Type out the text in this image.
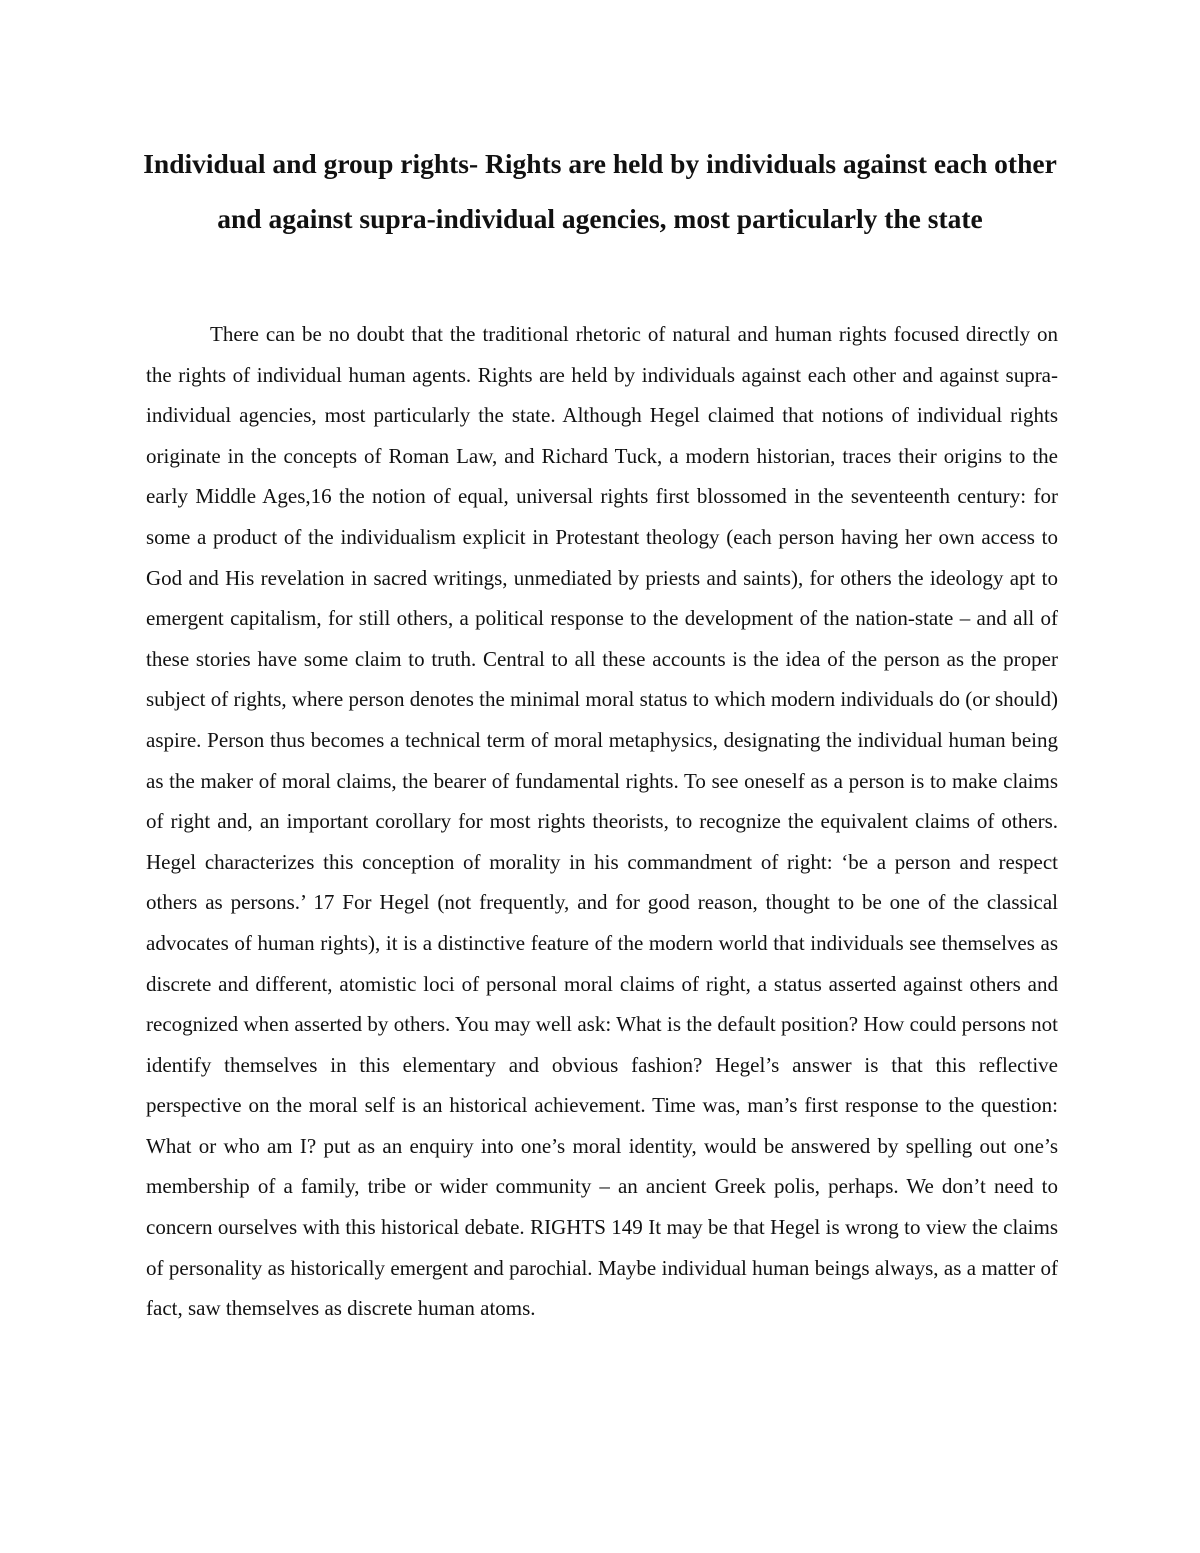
Individual and group rights- Rights are held by individuals against each other and against supra-individual agencies, most particularly the state

There can be no doubt that the traditional rhetoric of natural and human rights focused directly on the rights of individual human agents. Rights are held by individuals against each other and against supra-individual agencies, most particularly the state. Although Hegel claimed that notions of individual rights originate in the concepts of Roman Law, and Richard Tuck, a modern historian, traces their origins to the early Middle Ages,16 the notion of equal, universal rights first blossomed in the seventeenth century: for some a product of the individualism explicit in Protestant theology (each person having her own access to God and His revelation in sacred writings, unmediated by priests and saints), for others the ideology apt to emergent capitalism, for still others, a political response to the development of the nation-state – and all of these stories have some claim to truth. Central to all these accounts is the idea of the person as the proper subject of rights, where person denotes the minimal moral status to which modern individuals do (or should) aspire. Person thus becomes a technical term of moral metaphysics, designating the individual human being as the maker of moral claims, the bearer of fundamental rights. To see oneself as a person is to make claims of right and, an important corollary for most rights theorists, to recognize the equivalent claims of others. Hegel characterizes this conception of morality in his commandment of right: ‘be a person and respect others as persons.’ 17 For Hegel (not frequently, and for good reason, thought to be one of the classical advocates of human rights), it is a distinctive feature of the modern world that individuals see themselves as discrete and different, atomistic loci of personal moral claims of right, a status asserted against others and recognized when asserted by others. You may well ask: What is the default position? How could persons not identify themselves in this elementary and obvious fashion? Hegel’s answer is that this reflective perspective on the moral self is an historical achievement. Time was, man’s first response to the question: What or who am I? put as an enquiry into one’s moral identity, would be answered by spelling out one’s membership of a family, tribe or wider community – an ancient Greek polis, perhaps. We don’t need to concern ourselves with this historical debate. RIGHTS 149 It may be that Hegel is wrong to view the claims of personality as historically emergent and parochial. Maybe individual human beings always, as a matter of fact, saw themselves as discrete human atoms.
